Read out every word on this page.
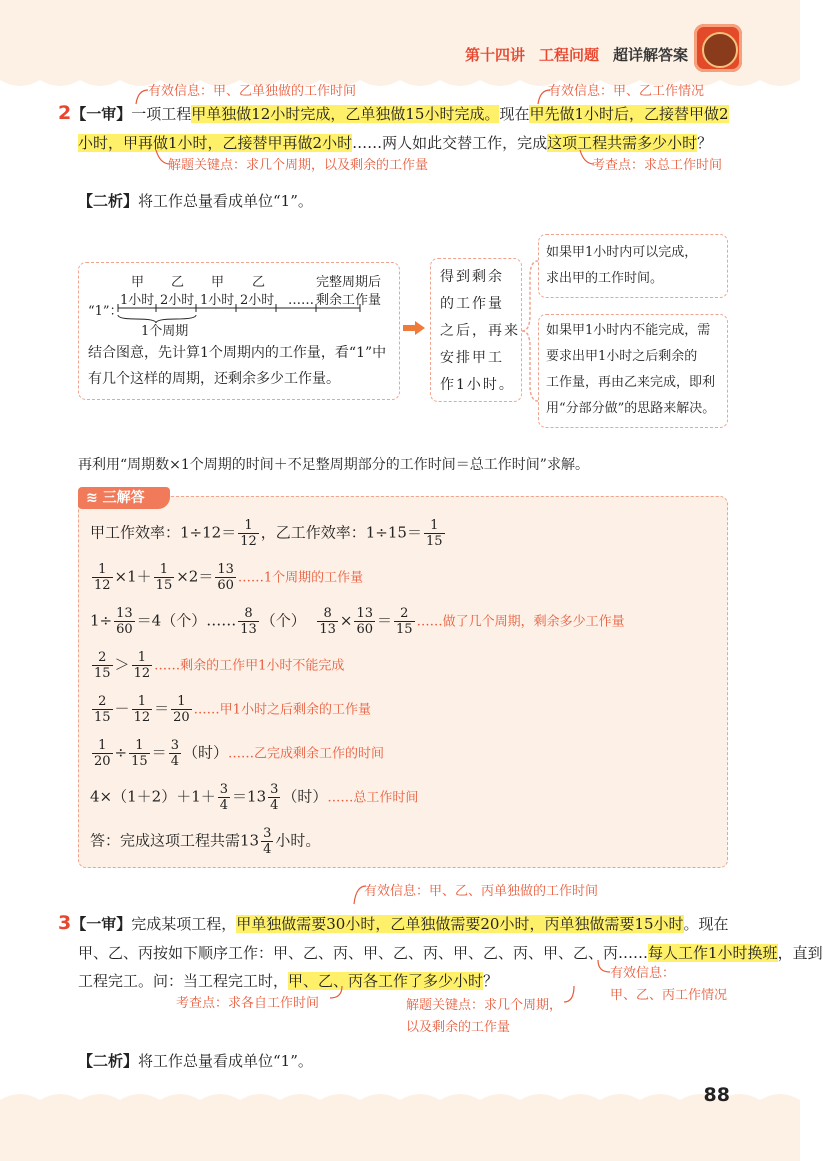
第十四讲 工程问题 超详解答案
有效信息：甲、乙单独做的工作时间	有效信息：甲、乙工作情况
2【一审】一项工程甲单独做12小时完成，乙单独做15小时完成。现在甲先做1小时后，乙接替甲做2
小时，甲再做1小时，乙接替甲再做2小时……两人如此交替工作，完成这项工程共需多少小时？
解题关键点：求几个周期，以及剩余的工作量	考查点：求总工作时间
【二析】将工作总量看成单位“1”。
甲 乙 甲 乙	完整周期后
1小时 2小时 1小时 2小时 …… 剩余工作量
“1”：
1个周期
结合图意，先计算1个周期内的工作量，看“1”中
有几个这样的周期，还剩余多少工作量。
得到剩余
的工作量
之后，再来
安排甲工
作1小时。
如果甲1小时内可以完成，
求出甲的工作时间。
如果甲1小时内不能完成，需
要求出甲1小时之后剩余的
工作量，再由乙来完成，即利
用“分部分做”的思路来解决。
再利用“周期数×1个周期的时间＋不足整周期部分的工作时间＝总工作时间”求解。
≋ 三解答
甲工作效率：$1\div 12= \frac{1}{12}$ ，乙工作效率：$1\div 15= \frac{1}{15}$
$\frac{1}{12} \times 1+ \frac{1}{15} \times 2= \frac{13}{60}$ ……1个周期的工作量
$1\div \frac{13}{60} =4$（个）…… $\frac{8}{13}$ （个） $\frac{8}{13} \times \frac{13}{60} = \frac{2}{15}$ ……做了几个周期，剩余多少工作量
$\frac{2}{15} > \frac{1}{12}$ ……剩余的工作甲1小时不能完成
$\frac{2}{15} - \frac{1}{12} = \frac{1}{20}$ ……甲1小时之后剩余的工作量
$\frac{1}{20} \div \frac{1}{15} = \frac{3}{4}$ （时）……乙完成剩余工作的时间
$4\times(1+2)+1+ \frac{3}{4} =13 \frac{3}{4}$ （时）……总工作时间
答：完成这项工程共需$13 \frac{3}{4}$ 小时。
有效信息：甲、乙、丙单独做的工作时间
3【一审】完成某项工程，甲单独做需要30小时，乙单独做需要20小时，丙单独做需要15小时。现在
甲、乙、丙按如下顺序工作：甲、乙、丙、甲、乙、丙、甲、乙、丙、甲、乙、丙……每人工作1小时换班，直到
工程完工。问：当工程完工时，甲、乙、丙各工作了多少小时？	有效信息：
甲、乙、丙工作情况
考查点：求各自工作时间	解题关键点：求几个周期，
以及剩余的工作量
【二析】将工作总量看成单位“1”。
88
